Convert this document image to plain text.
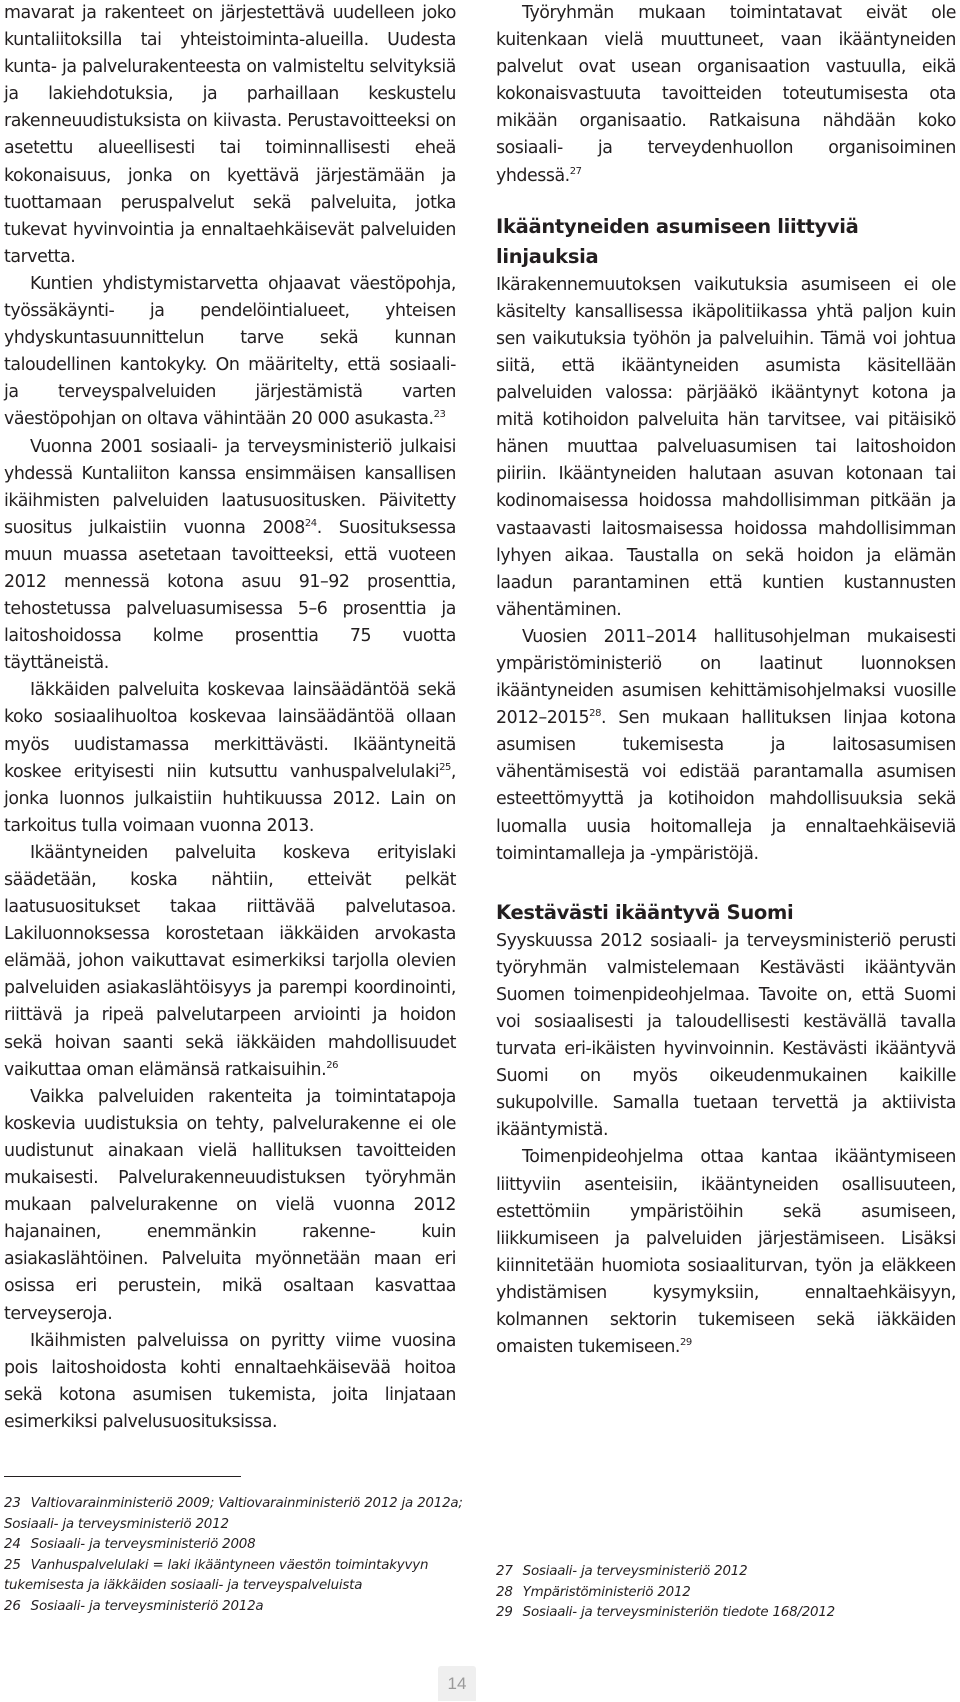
mavarat ja rakenteet on järjestettävä uudelleen joko kuntaliitoksilla tai yhteistoiminta-alueilla. Uudesta kunta- ja palvelurakenteesta on valmisteltu selvityksiä ja lakiehdotuksia, ja parhaillaan keskustelu rakenneuudistuksista on kiivasta. Perustavoitteeksi on asetettu alueellisesti tai toiminnallisesti eheä kokonaisuus, jonka on kyettävä järjestämään ja tuottamaan peruspalvelut sekä palveluita, jotka tukevat hyvinvointia ja ennaltaehkäisevät palveluiden tarvetta.

Kuntien yhdistymistarvetta ohjaavat väestöpohja, työssäkäynti- ja pendelöintialueet, yhteisen yhdyskuntasuunnittelun tarve sekä kunnan taloudellinen kantokyky. On määritelty, että sosiaali- ja terveyspalveluiden järjestämistä varten väestöpohjan on oltava vähintään 20 000 asukasta.$^{23}$

Vuonna 2001 sosiaali- ja terveysministeriö julkaisi yhdessä Kuntaliiton kanssa ensimmäisen kansallisen ikäihmisten palveluiden laatusuositusken. Päivitetty suositus julkaistiin vuonna 2008$^{24}$. Suosituksessa muun muassa asetetaan tavoitteeksi, että vuoteen 2012 mennessä kotona asuu 91–92 prosenttia, tehostetussa palveluasumisessa 5–6 prosenttia ja laitoshoidossa kolme prosenttia 75 vuotta täyttäneistä.

Iäkkäiden palveluita koskevaa lainsäädäntöä sekä koko sosiaalihuoltoa koskevaa lainsäädäntöä ollaan myös uudistamassa merkittävästi. Ikääntyneitä koskee erityisesti niin kutsuttu vanhuspalvelulaki$^{25}$, jonka luonnos julkaistiin huhtikuussa 2012. Lain on tarkoitus tulla voimaan vuonna 2013.

Ikääntyneiden palveluita koskeva erityislaki säädetään, koska nähtiin, etteivät pelkät laatusuositukset takaa riittävää palvelutasoa. Lakiluonnoksessa korostetaan iäkkäiden arvokasta elämää, johon vaikuttavat esimerkiksi tarjolla olevien palveluiden asiakaslähtöisyys ja parempi koordinointi, riittävä ja ripeä palvelutarpeen arviointi ja hoidon sekä hoivan saanti sekä iäkkäiden mahdollisuudet vaikuttaa oman elämänsä ratkaisuihin.$^{26}$

Vaikka palveluiden rakenteita ja toimintatapoja koskevia uudistuksia on tehty, palvelurakenne ei ole uudistunut ainakaan vielä hallituksen tavoitteiden mukaisesti. Palvelurakenneuudistuksen työryhmän mukaan palvelurakenne on vielä vuonna 2012 hajanainen, enemmänkin rakenne- kuin asiakaslähtöinen. Palveluita myönnetään maan eri osissa eri perustein, mikä osaltaan kasvattaa terveyseroja.

Ikäihmisten palveluissa on pyritty viime vuosina pois laitoshoidosta kohti ennaltaehkäisevää hoitoa sekä kotona asumisen tukemista, joita linjataan esimerkiksi palvelusuosituksissa.

Työryhmän mukaan toimintatavat eivät ole kuitenkaan vielä muuttuneet, vaan ikääntyneiden palvelut ovat usean organisaation vastuulla, eikä kokonaisvastuuta tavoitteiden toteutumisesta ota mikään organisaatio. Ratkaisuna nähdään koko sosiaali- ja terveydenhuollon organisoiminen yhdessä.$^{27}$

Ikääntyneiden asumiseen liittyviä linjauksia

Ikärakennemuutoksen vaikutuksia asumiseen ei ole käsitelty kansallisessa ikäpolitiikassa yhtä paljon kuin sen vaikutuksia työhön ja palveluihin. Tämä voi johtua siitä, että ikääntyneiden asumista käsitellään palveluiden valossa: pärjääkö ikääntynyt kotona ja mitä kotihoidon palveluita hän tarvitsee, vai pitäisikö hänen muuttaa palveluasumisen tai laitoshoidon piiriin. Ikääntyneiden halutaan asuvan kotonaan tai kodinomaisessa hoidossa mahdollisimman pitkään ja vastaavasti laitosmaisessa hoidossa mahdollisimman lyhyen aikaa. Taustalla on sekä hoidon ja elämän laadun parantaminen että kuntien kustannusten vähentäminen.

Vuosien 2011–2014 hallitusohjelman mukaisesti ympäristöministeriö on laatinut luonnoksen ikääntyneiden asumisen kehittämisohjelmaksi vuosille 2012–2015$^{28}$. Sen mukaan hallituksen linjaa kotona asumisen tukemisesta ja laitosasumisen vähentämisestä voi edistää parantamalla asumisen esteettömyyttä ja kotihoidon mahdollisuuksia sekä luomalla uusia hoitomalleja ja ennaltaehkäiseviä toimintamalleja ja -ympäristöjä.

Kestävästi ikääntyvä Suomi

Syyskuussa 2012 sosiaali- ja terveysministeriö perusti työryhmän valmistelemaan Kestävästi ikääntyvän Suomen toimenpideohjelmaa. Tavoite on, että Suomi voi sosiaalisesti ja taloudellisesti kestävällä tavalla turvata eri-ikäisten hyvinvoinnin. Kestävästi ikääntyvä Suomi on myös oikeudenmukainen kaikille sukupolville. Samalla tuetaan tervettä ja aktiivista ikääntymistä.

Toimenpideohjelma ottaa kantaa ikääntymiseen liittyviin asenteisiin, ikääntyneiden osallisuuteen, estettömiin ympäristöihin sekä asumiseen, liikkumiseen ja palveluiden järjestämiseen. Lisäksi kiinnitetään huomiota sosiaaliturvan, työn ja eläkkeen yhdistämisen kysymyksiin, ennaltaehkäisyyn, kolmannen sektorin tukemiseen sekä iäkkäiden omaisten tukemiseen.$^{29}$

23 Valtiovarainministeriö 2009; Valtiovarainministeriö 2012 ja 2012a; Sosiaali- ja terveysministeriö 2012
24 Sosiaali- ja terveysministeriö 2008
25 Vanhuspalvelulaki = laki ikääntyneen väestön toimintakyvyn tukemisesta ja iäkkäiden sosiaali- ja terveyspalveluista
26 Sosiaali- ja terveysministeriö 2012a
27 Sosiaali- ja terveysministeriö 2012
28 Ympäristöministeriö 2012
29 Sosiaali- ja terveysministeriön tiedote 168/2012
14
